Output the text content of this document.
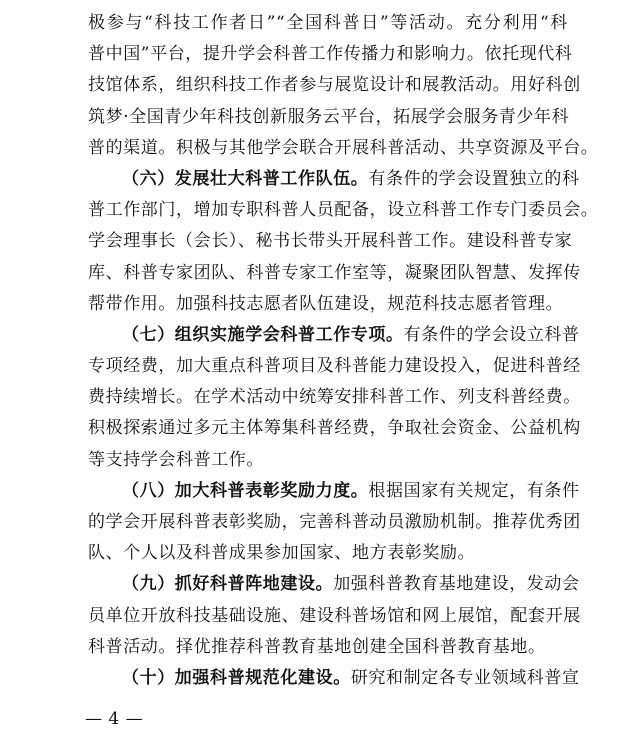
极参与“科技工作者日”“全国科普日”等活动。充分利用“科
普中国”平台，提升学会科普工作传播力和影响力。依托现代科
技馆体系，组织科技工作者参与展览设计和展教活动。用好科创
筑梦·全国青少年科技创新服务云平台，拓展学会服务青少年科
普的渠道。积极与其他学会联合开展科普活动、共享资源及平台。
（六）发展壮大科普工作队伍。有条件的学会设置独立的科
普工作部门，增加专职科普人员配备，设立科普工作专门委员会。
学会理事长（会长）、秘书长带头开展科普工作。建设科普专家
库、科普专家团队、科普专家工作室等，凝聚团队智慧、发挥传
帮带作用。加强科技志愿者队伍建设，规范科技志愿者管理。
（七）组织实施学会科普工作专项。有条件的学会设立科普
专项经费，加大重点科普项目及科普能力建设投入，促进科普经
费持续增长。在学术活动中统筹安排科普工作、列支科普经费。
积极探索通过多元主体筹集科普经费，争取社会资金、公益机构
等支持学会科普工作。
（八）加大科普表彰奖励力度。根据国家有关规定，有条件
的学会开展科普表彰奖励，完善科普动员激励机制。推荐优秀团
队、个人以及科普成果参加国家、地方表彰奖励。
（九）抓好科普阵地建设。加强科普教育基地建设，发动会
员单位开放科技基础设施、建设科普场馆和网上展馆，配套开展
科普活动。择优推荐科普教育基地创建全国科普教育基地。
（十）加强科普规范化建设。研究和制定各专业领域科普宣
— 4 —
